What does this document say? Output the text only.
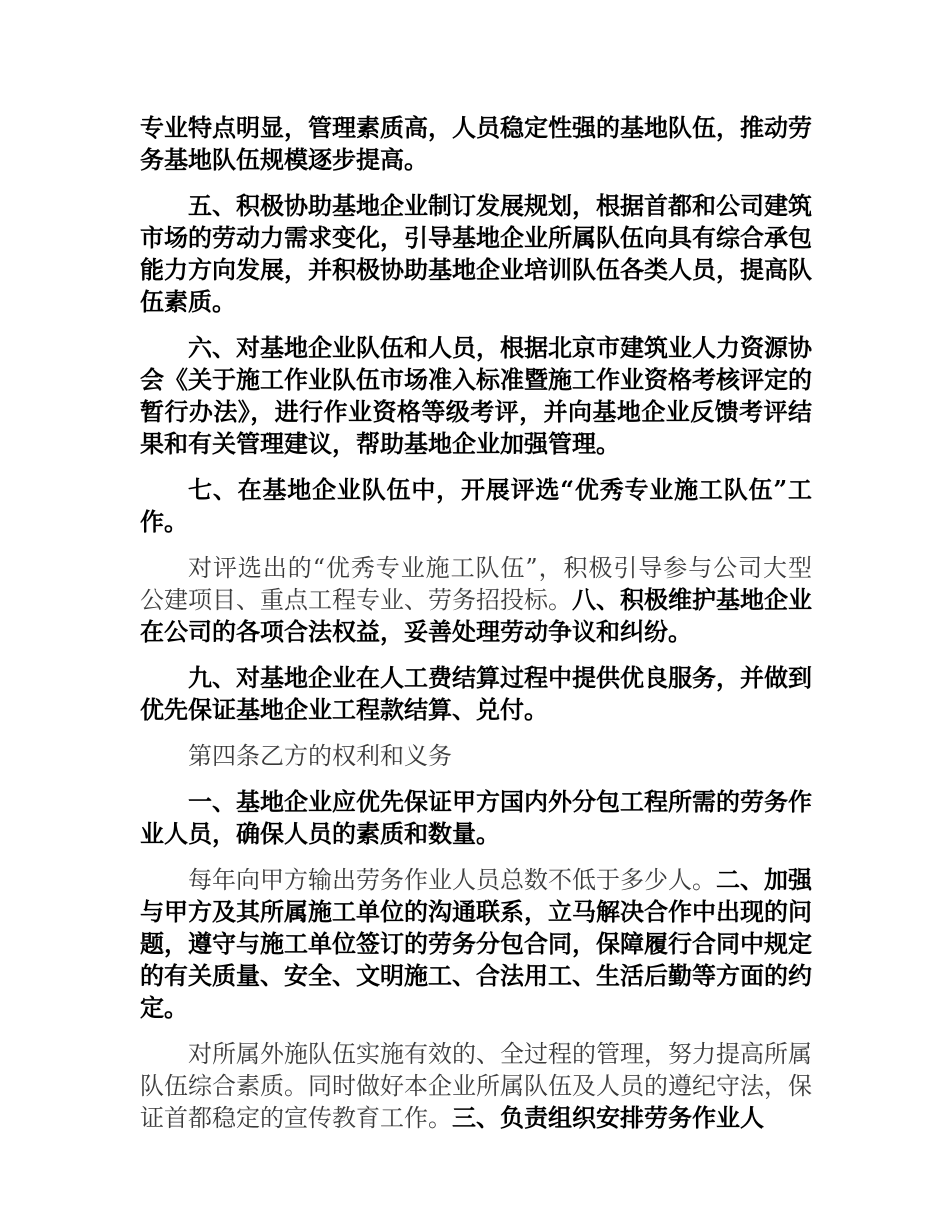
专业特点明显，管理素质高，人员稳定性强的基地队伍，推动劳务基地队伍规模逐步提高。

五、积极协助基地企业制订发展规划，根据首都和公司建筑市场的劳动力需求变化，引导基地企业所属队伍向具有综合承包能力方向发展，并积极协助基地企业培训队伍各类人员，提高队伍素质。

六、对基地企业队伍和人员，根据北京市建筑业人力资源协会《关于施工作业队伍市场准入标准暨施工作业资格考核评定的暂行办法》，进行作业资格等级考评，并向基地企业反馈考评结果和有关管理建议，帮助基地企业加强管理。

七、在基地企业队伍中，开展评选“优秀专业施工队伍”工作。

对评选出的“优秀专业施工队伍”，积极引导参与公司大型公建项目、重点工程专业、劳务招投标。八、积极维护基地企业在公司的各项合法权益，妥善处理劳动争议和纠纷。

九、对基地企业在人工费结算过程中提供优良服务，并做到优先保证基地企业工程款结算、兑付。

第四条乙方的权利和义务

一、基地企业应优先保证甲方国内外分包工程所需的劳务作业人员，确保人员的素质和数量。

每年向甲方输出劳务作业人员总数不低于多少人。二、加强与甲方及其所属施工单位的沟通联系，立马解决合作中出现的问题，遵守与施工单位签订的劳务分包合同，保障履行合同中规定的有关质量、安全、文明施工、合法用工、生活后勤等方面的约定。

对所属外施队伍实施有效的、全过程的管理，努力提高所属队伍综合素质。同时做好本企业所属队伍及人员的遵纪守法，保证首都稳定的宣传教育工作。三、负责组织安排劳务作业人
